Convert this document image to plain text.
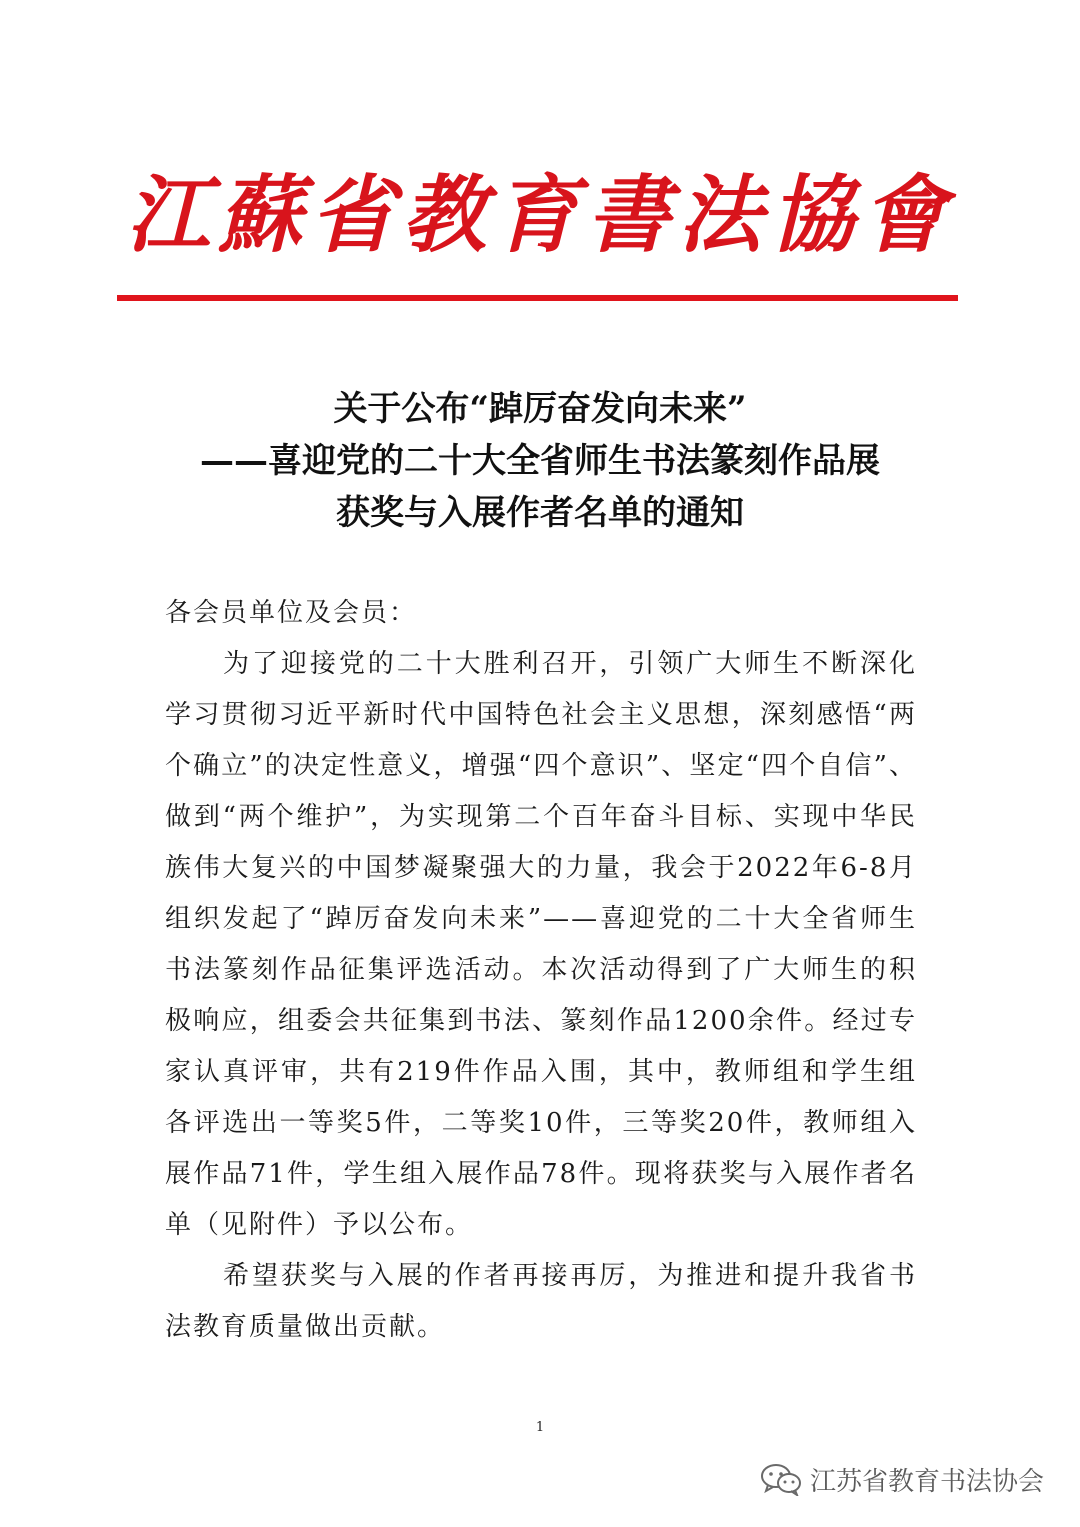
江蘇省教育書法協會
关于公布“踔厉奋发向未来”
——喜迎党的二十大全省师生书法篆刻作品展
获奖与入展作者名单的通知

各会员单位及会员：

为了迎接党的二十大胜利召开，引领广大师生不断深化学习贯彻习近平新时代中国特色社会主义思想，深刻感悟“两个确立”的决定性意义，增强“四个意识”、坚定“四个自信”、做到“两个维护”，为实现第二个百年奋斗目标、实现中华民族伟大复兴的中国梦凝聚强大的力量，我会于2022年6-8月组织发起了“踔厉奋发向未来”——喜迎党的二十大全省师生书法篆刻作品征集评选活动。本次活动得到了广大师生的积极响应，组委会共征集到书法、篆刻作品1200余件。经过专家认真评审，共有219件作品入围，其中，教师组和学生组各评选出一等奖5件，二等奖10件，三等奖20件，教师组入展作品71件，学生组入展作品78件。现将获奖与入展作者名单（见附件）予以公布。

希望获奖与入展的作者再接再厉，为推进和提升我省书法教育质量做出贡献。

1
江苏省教育书法协会
